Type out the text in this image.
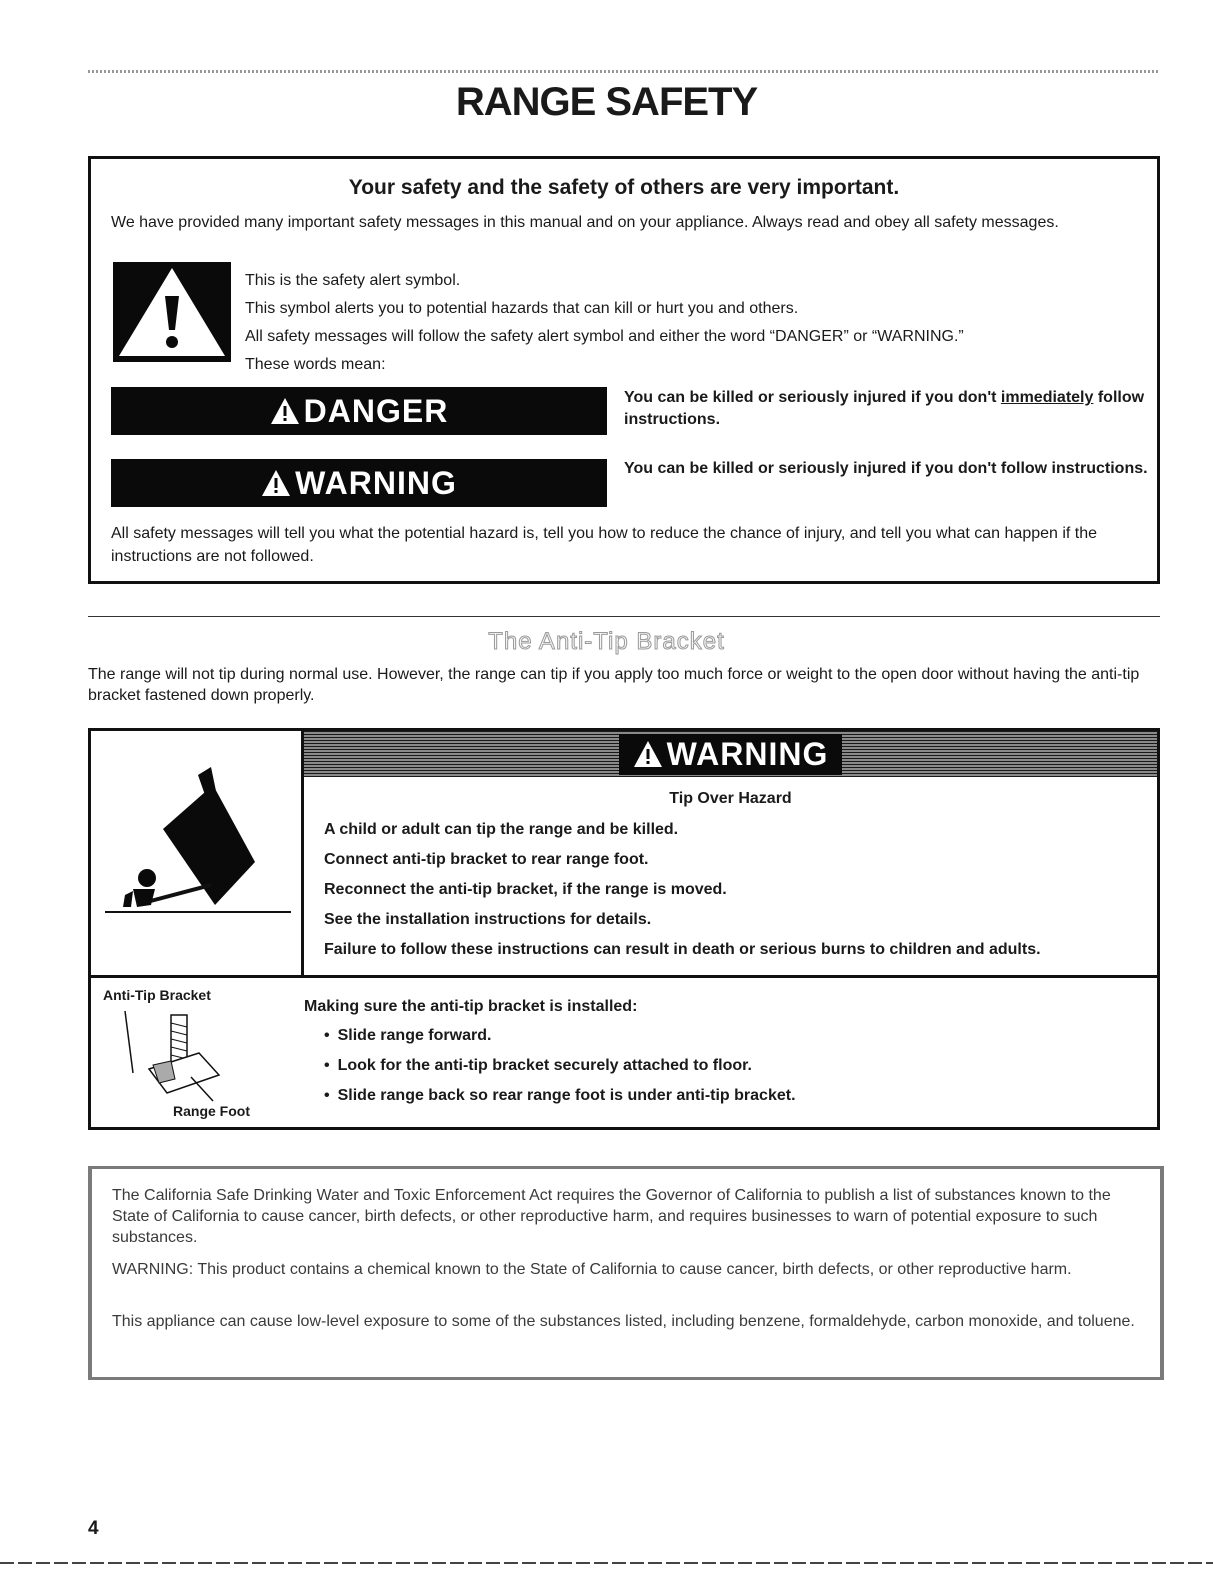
RANGE SAFETY
Your safety and the safety of others are very important.

We have provided many important safety messages in this manual and on your appliance. Always read and obey all safety messages.

This is the safety alert symbol.

This symbol alerts you to potential hazards that can kill or hurt you and others.

All safety messages will follow the safety alert symbol and either the word “DANGER” or “WARNING.”

These words mean:

DANGER	You can be killed or seriously injured if you don't immediately follow instructions.

WARNING	You can be killed or seriously injured if you don't follow instructions.

All safety messages will tell you what the potential hazard is, tell you how to reduce the chance of injury, and tell you what can happen if the instructions are not followed.

The Anti-Tip Bracket

The range will not tip during normal use. However, the range can tip if you apply too much force or weight to the open door without having the anti-tip bracket fastened down properly.

WARNING

Tip Over Hazard

A child or adult can tip the range and be killed.

Connect anti-tip bracket to rear range foot.

Reconnect the anti-tip bracket, if the range is moved.

See the installation instructions for details.

Failure to follow these instructions can result in death or serious burns to children and adults.

Anti-Tip Bracket
Range Foot

Making sure the anti-tip bracket is installed:

• Slide range forward.
• Look for the anti-tip bracket securely attached to floor.
• Slide range back so rear range foot is under anti-tip bracket.

The California Safe Drinking Water and Toxic Enforcement Act requires the Governor of California to publish a list of substances known to the State of California to cause cancer, birth defects, or other reproductive harm, and requires businesses to warn of potential exposure to such substances.

WARNING: This product contains a chemical known to the State of California to cause cancer, birth defects, or other reproductive harm.

This appliance can cause low-level exposure to some of the substances listed, including benzene, formaldehyde, carbon monoxide, and toluene.

4
